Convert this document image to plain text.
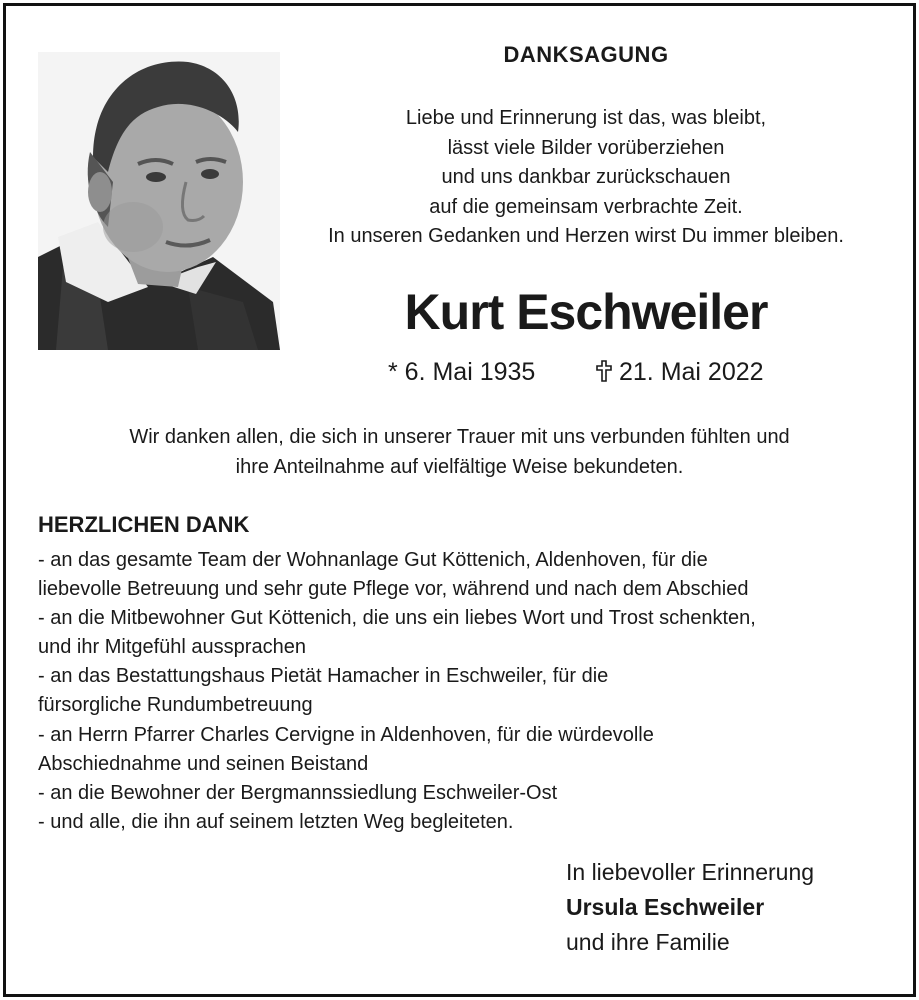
DANKSAGUNG
Liebe und Erinnerung ist das, was bleibt,
lässt viele Bilder vorüberziehen
und uns dankbar zurückschauen
auf die gemeinsam verbrachte Zeit.
In unseren Gedanken und Herzen wirst Du immer bleiben.
Kurt Eschweiler
* 6. Mai 1935	21. Mai 2022
Wir danken allen, die sich in unserer Trauer mit uns verbunden fühlten und
ihre Anteilnahme auf vielfältige Weise bekundeten.
HERZLICHEN DANK
- an das gesamte Team der Wohnanlage Gut Köttenich, Aldenhoven, für die
liebevolle Betreuung und sehr gute Pflege vor, während und nach dem Abschied
- an die Mitbewohner Gut Köttenich, die uns ein liebes Wort und Trost schenkten,
und ihr Mitgefühl aussprachen
- an das Bestattungshaus Pietät Hamacher in Eschweiler, für die
fürsorgliche Rundumbetreuung
- an Herrn Pfarrer Charles Cervigne in Aldenhoven, für die würdevolle
Abschiednahme und seinen Beistand
- an die Bewohner der Bergmannssiedlung Eschweiler-Ost
- und alle, die ihn auf seinem letzten Weg begleiteten.
In liebevoller Erinnerung
Ursula Eschweiler
und ihre Familie
